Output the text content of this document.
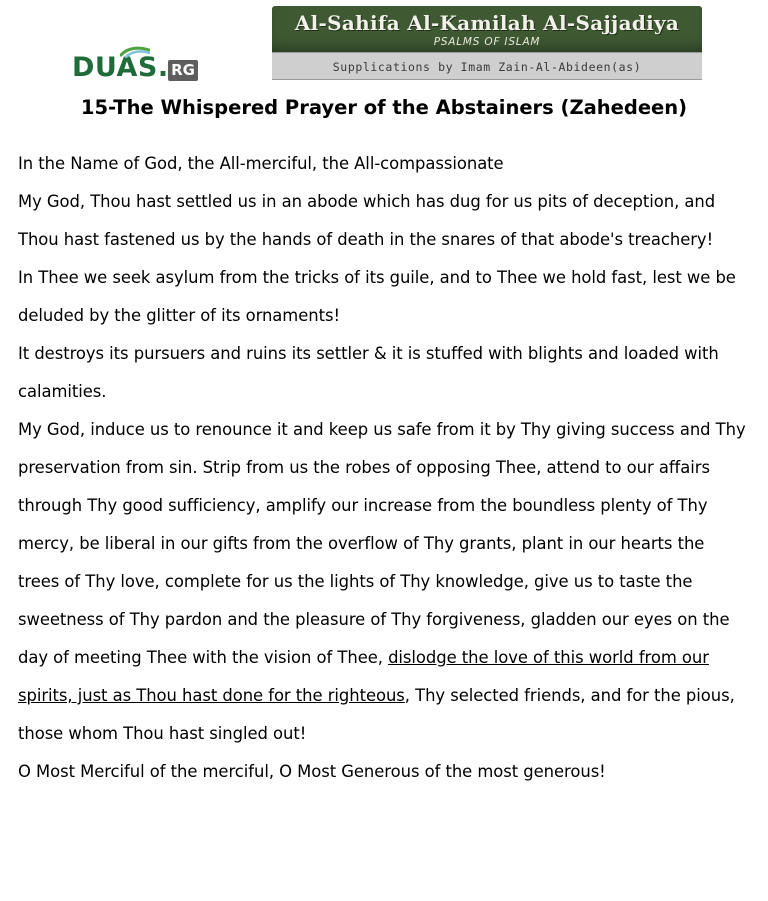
DUAS . RG
Al-Sahifa Al-Kamilah Al-Sajjadiya
PSALMS OF ISLAM
Supplications by Imam Zain-Al-Abideen(as)
15-The Whispered Prayer of the Abstainers (Zahedeen)

In the Name of God, the All-merciful, the All-compassionate

My God, Thou hast settled us in an abode which has dug for us pits of deception, and Thou hast fastened us by the hands of death in the snares of that abode's treachery!

In Thee we seek asylum from the tricks of its guile, and to Thee we hold fast, lest we be deluded by the glitter of its ornaments!

It destroys its pursuers and ruins its settler & it is stuffed with blights and loaded with calamities.

My God, induce us to renounce it and keep us safe from it by Thy giving success and Thy preservation from sin. Strip from us the robes of opposing Thee, attend to our affairs through Thy good sufficiency, amplify our increase from the boundless plenty of Thy mercy, be liberal in our gifts from the overflow of Thy grants, plant in our hearts the trees of Thy love, complete for us the lights of Thy knowledge, give us to taste the sweetness of Thy pardon and the pleasure of Thy forgiveness, gladden our eyes on the day of meeting Thee with the vision of Thee, dislodge the love of this world from our spirits, just as Thou hast done for the righteous, Thy selected friends, and for the pious, those whom Thou hast singled out!

O Most Merciful of the merciful, O Most Generous of the most generous!
